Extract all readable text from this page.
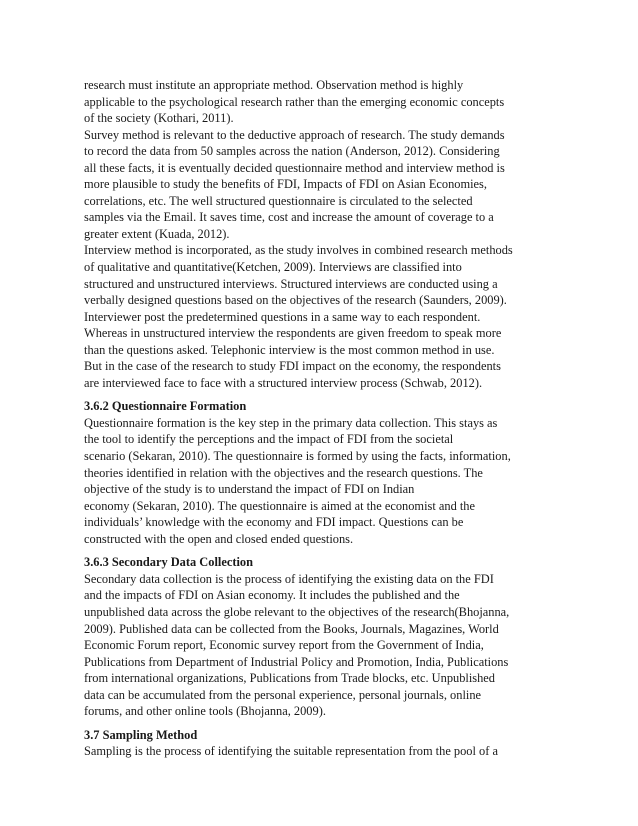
research must institute an appropriate method. Observation method is highly
applicable to the psychological research rather than the emerging economic concepts
of the society (Kothari, 2011).
Survey method is relevant to the deductive approach of research. The study demands
to record the data from 50 samples across the nation (Anderson, 2012). Considering
all these facts, it is eventually decided questionnaire method and interview method is
more plausible to study the benefits of FDI, Impacts of FDI on Asian Economies,
correlations, etc. The well structured questionnaire is circulated to the selected
samples via the Email. It saves time, cost and increase the amount of coverage to a
greater extent (Kuada, 2012).
Interview method is incorporated, as the study involves in combined research methods
of qualitative and quantitative(Ketchen, 2009). Interviews are classified into
structured and unstructured interviews. Structured interviews are conducted using a
verbally designed questions based on the objectives of the research (Saunders, 2009).
Interviewer post the predetermined questions in a same way to each respondent.
Whereas in unstructured interview the respondents are given freedom to speak more
than the questions asked. Telephonic interview is the most common method in use.
But in the case of the research to study FDI impact on the economy, the respondents
are interviewed face to face with a structured interview process (Schwab, 2012).
3.6.2 Questionnaire Formation
Questionnaire formation is the key step in the primary data collection. This stays as
the tool to identify the perceptions and the impact of FDI from the societal
scenario (Sekaran, 2010). The questionnaire is formed by using the facts, information,
theories identified in relation with the objectives and the research questions. The
objective of the study is to understand the impact of FDI on Indian
economy (Sekaran, 2010). The questionnaire is aimed at the economist and the
individuals’ knowledge with the economy and FDI impact. Questions can be
constructed with the open and closed ended questions.
3.6.3 Secondary Data Collection
Secondary data collection is the process of identifying the existing data on the FDI
and the impacts of FDI on Asian economy. It includes the published and the
unpublished data across the globe relevant to the objectives of the research(Bhojanna,
2009). Published data can be collected from the Books, Journals, Magazines, World
Economic Forum report, Economic survey report from the Government of India,
Publications from Department of Industrial Policy and Promotion, India, Publications
from international organizations, Publications from Trade blocks, etc. Unpublished
data can be accumulated from the personal experience, personal journals, online
forums, and other online tools (Bhojanna, 2009).
3.7 Sampling Method
Sampling is the process of identifying the suitable representation from the pool of a
